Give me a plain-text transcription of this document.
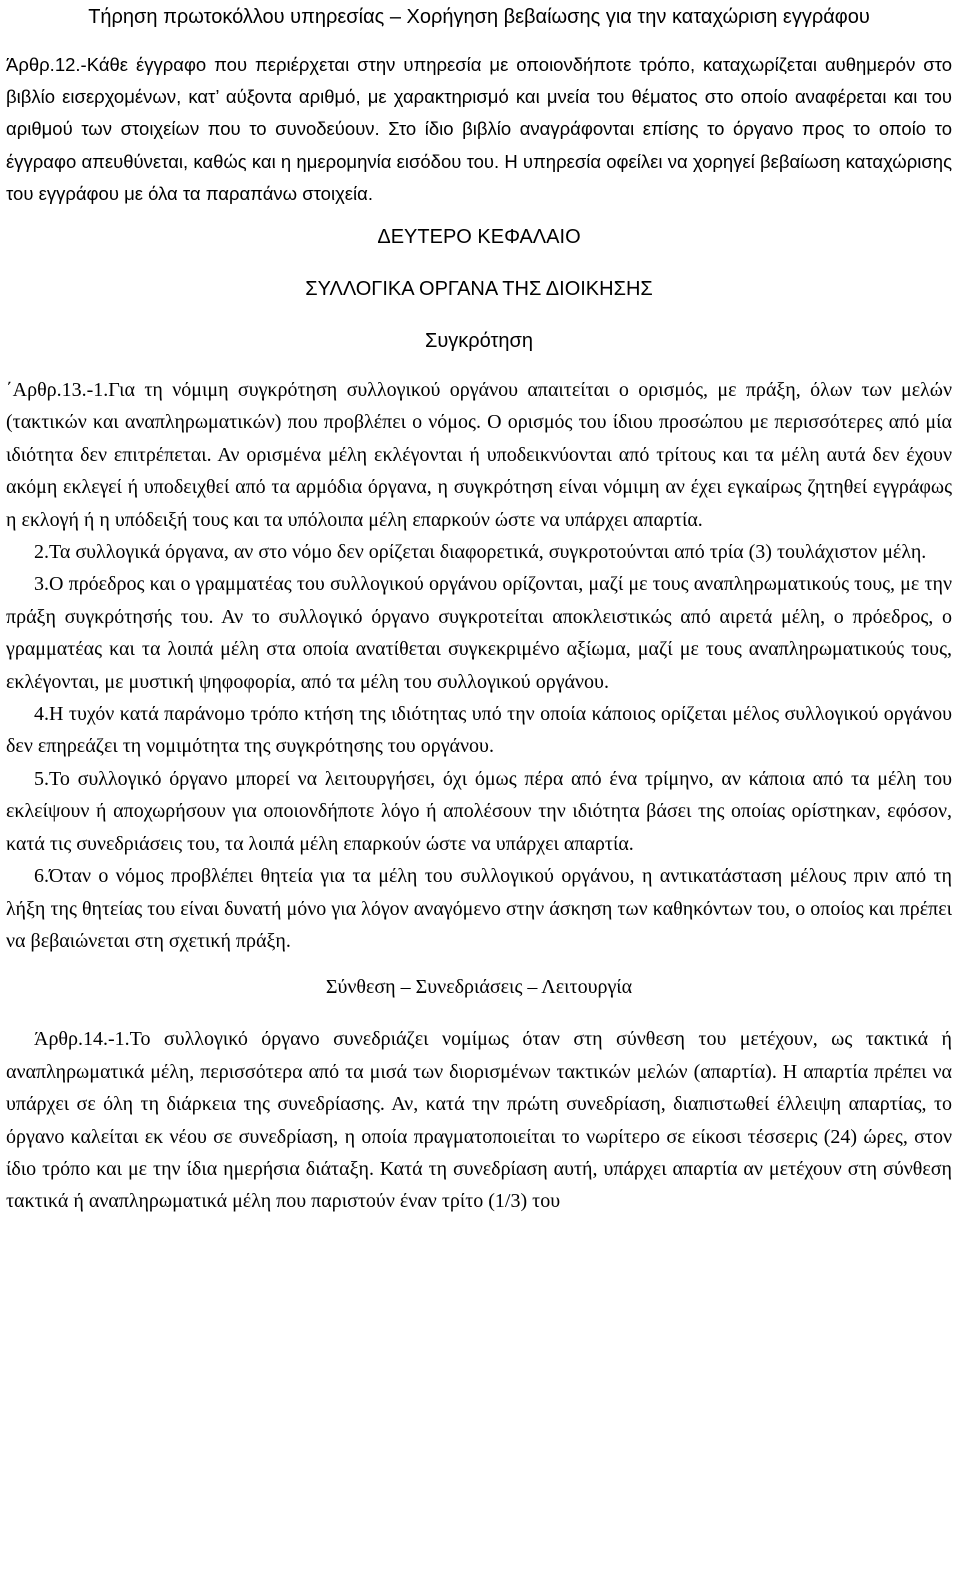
Τήρηση πρωτοκόλλου υπηρεσίας – Χορήγηση βεβαίωσης για την καταχώριση εγγράφου

Άρθρ.12.-Κάθε έγγραφο που περιέρχεται στην υπηρεσία με οποιονδήποτε τρόπο, καταχωρίζεται αυθημερόν στο βιβλίο εισερχομένων, κατ’ αύξοντα αριθμό, με χαρακτηρισμό και μνεία του θέματος στο οποίο αναφέρεται και του αριθμού των στοιχείων που το συνοδεύουν. Στο ίδιο βιβλίο αναγράφονται επίσης το όργανο προς το οποίο το έγγραφο απευθύνεται, καθώς και η ημερομηνία εισόδου του. Η υπηρεσία οφείλει να χορηγεί βεβαίωση καταχώρισης του εγγράφου με όλα τα παραπάνω στοιχεία.

ΔΕΥΤΕΡΟ ΚΕΦΑΛΑΙΟ

ΣΥΛΛΟΓΙΚΑ ΟΡΓΑΝΑ ΤΗΣ ΔΙΟΙΚΗΣΗΣ

Συγκρότηση

΄Αρθρ.13.-1.Για τη νόμιμη συγκρότηση συλλογικού οργάνου απαιτείται ο ορισμός, με πράξη, όλων των μελών (τακτικών και αναπληρωματικών) που προβλέπει ο νόμος. Ο ορισμός του ίδιου προσώπου με περισσότερες από μία ιδιότητα δεν επιτρέπεται. Αν ορισμένα μέλη εκλέγονται ή υποδεικνύονται από τρίτους και τα μέλη αυτά δεν έχουν ακόμη εκλεγεί ή υποδειχθεί από τα αρμόδια όργανα, η συγκρότηση είναι νόμιμη αν έχει εγκαίρως ζητηθεί εγγράφως η εκλογή ή η υπόδειξή τους και τα υπόλοιπα μέλη επαρκούν ώστε να υπάρχει απαρτία.

2.Τα συλλογικά όργανα, αν στο νόμο δεν ορίζεται διαφορετικά, συγκροτούνται από τρία (3) τουλάχιστον μέλη.

3.Ο πρόεδρος και ο γραμματέας του συλλογικού οργάνου ορίζονται, μαζί με τους αναπληρωματικούς τους, με την πράξη συγκρότησής του. Αν το συλλογικό όργανο συγκροτείται αποκλειστικώς από αιρετά μέλη, ο πρόεδρος, ο γραμματέας και τα λοιπά μέλη στα οποία ανατίθεται συγκεκριμένο αξίωμα, μαζί με τους αναπληρωματικούς τους, εκλέγονται, με μυστική ψηφοφορία, από τα μέλη του συλλογικού οργάνου.

4.Η τυχόν κατά παράνομο τρόπο κτήση της ιδιότητας υπό την οποία κάποιος ορίζεται μέλος συλλογικού οργάνου δεν επηρεάζει τη νομιμότητα της συγκρότησης του οργάνου.

5.Το συλλογικό όργανο μπορεί να λειτουργήσει, όχι όμως πέρα από ένα τρίμηνο, αν κάποια από τα μέλη του εκλείψουν ή αποχωρήσουν για οποιονδήποτε λόγο ή απολέσουν την ιδιότητα βάσει της οποίας ορίστηκαν, εφόσον, κατά τις συνεδριάσεις του, τα λοιπά μέλη επαρκούν ώστε να υπάρχει απαρτία.

6.Όταν ο νόμος προβλέπει θητεία για τα μέλη του συλλογικού οργάνου, η αντικατάσταση μέλους πριν από τη λήξη της θητείας του είναι δυνατή μόνο για λόγον αναγόμενο στην άσκηση των καθηκόντων του, ο οποίος και πρέπει να βεβαιώνεται στη σχετική πράξη.

Σύνθεση – Συνεδριάσεις – Λειτουργία

Άρθρ.14.-1.Το συλλογικό όργανο συνεδριάζει νομίμως όταν στη σύνθεση του μετέχουν, ως τακτικά ή αναπληρωματικά μέλη, περισσότερα από τα μισά των διορισμένων τακτικών μελών (απαρτία). Η απαρτία πρέπει να υπάρχει σε όλη τη διάρκεια της συνεδρίασης. Αν, κατά την πρώτη συνεδρίαση, διαπιστωθεί έλλειψη απαρτίας, το όργανο καλείται εκ νέου σε συνεδρίαση, η οποία πραγματοποιείται το νωρίτερο σε είκοσι τέσσερις (24) ώρες, στον ίδιο τρόπο και με την ίδια ημερήσια διάταξη. Κατά τη συνεδρίαση αυτή, υπάρχει απαρτία αν μετέχουν στη σύνθεση τακτικά ή αναπληρωματικά μέλη που παριστούν έναν τρίτο (1/3) του
